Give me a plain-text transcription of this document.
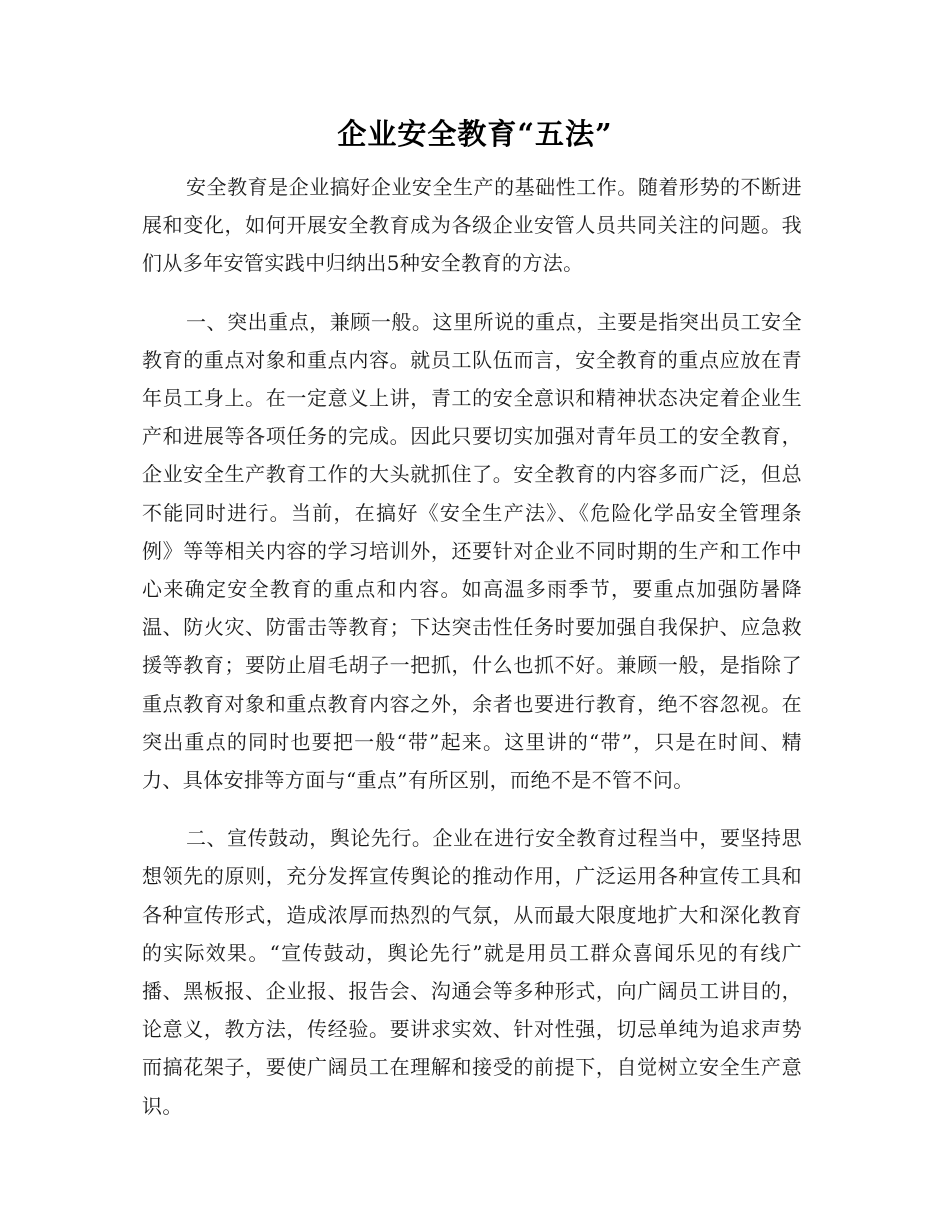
企业安全教育“五法”

安全教育是企业搞好企业安全生产的基础性工作。随着形势的不断进展和变化，如何开展安全教育成为各级企业安管人员共同关注的问题。我们从多年安管实践中归纳出5种安全教育的方法。

一、突出重点，兼顾一般。这里所说的重点，主要是指突出员工安全教育的重点对象和重点内容。就员工队伍而言，安全教育的重点应放在青年员工身上。在一定意义上讲，青工的安全意识和精神状态决定着企业生产和进展等各项任务的完成。因此只要切实加强对青年员工的安全教育，企业安全生产教育工作的大头就抓住了。安全教育的内容多而广泛，但总不能同时进行。当前，在搞好《安全生产法》、《危险化学品安全管理条例》等等相关内容的学习培训外，还要针对企业不同时期的生产和工作中心来确定安全教育的重点和内容。如高温多雨季节，要重点加强防暑降温、防火灾、防雷击等教育；下达突击性任务时要加强自我保护、应急救援等教育；要防止眉毛胡子一把抓，什么也抓不好。兼顾一般，是指除了重点教育对象和重点教育内容之外，余者也要进行教育，绝不容忽视。在突出重点的同时也要把一般“带”起来。这里讲的“带”，只是在时间、精力、具体安排等方面与“重点”有所区别，而绝不是不管不问。

二、宣传鼓动，舆论先行。企业在进行安全教育过程当中，要坚持思想领先的原则，充分发挥宣传舆论的推动作用，广泛运用各种宣传工具和各种宣传形式，造成浓厚而热烈的气氛，从而最大限度地扩大和深化教育的实际效果。“宣传鼓动，舆论先行”就是用员工群众喜闻乐见的有线广播、黑板报、企业报、报告会、沟通会等多种形式，向广阔员工讲目的，论意义，教方法，传经验。要讲求实效、针对性强，切忌单纯为追求声势而搞花架子，要使广阔员工在理解和接受的前提下，自觉树立安全生产意识。
